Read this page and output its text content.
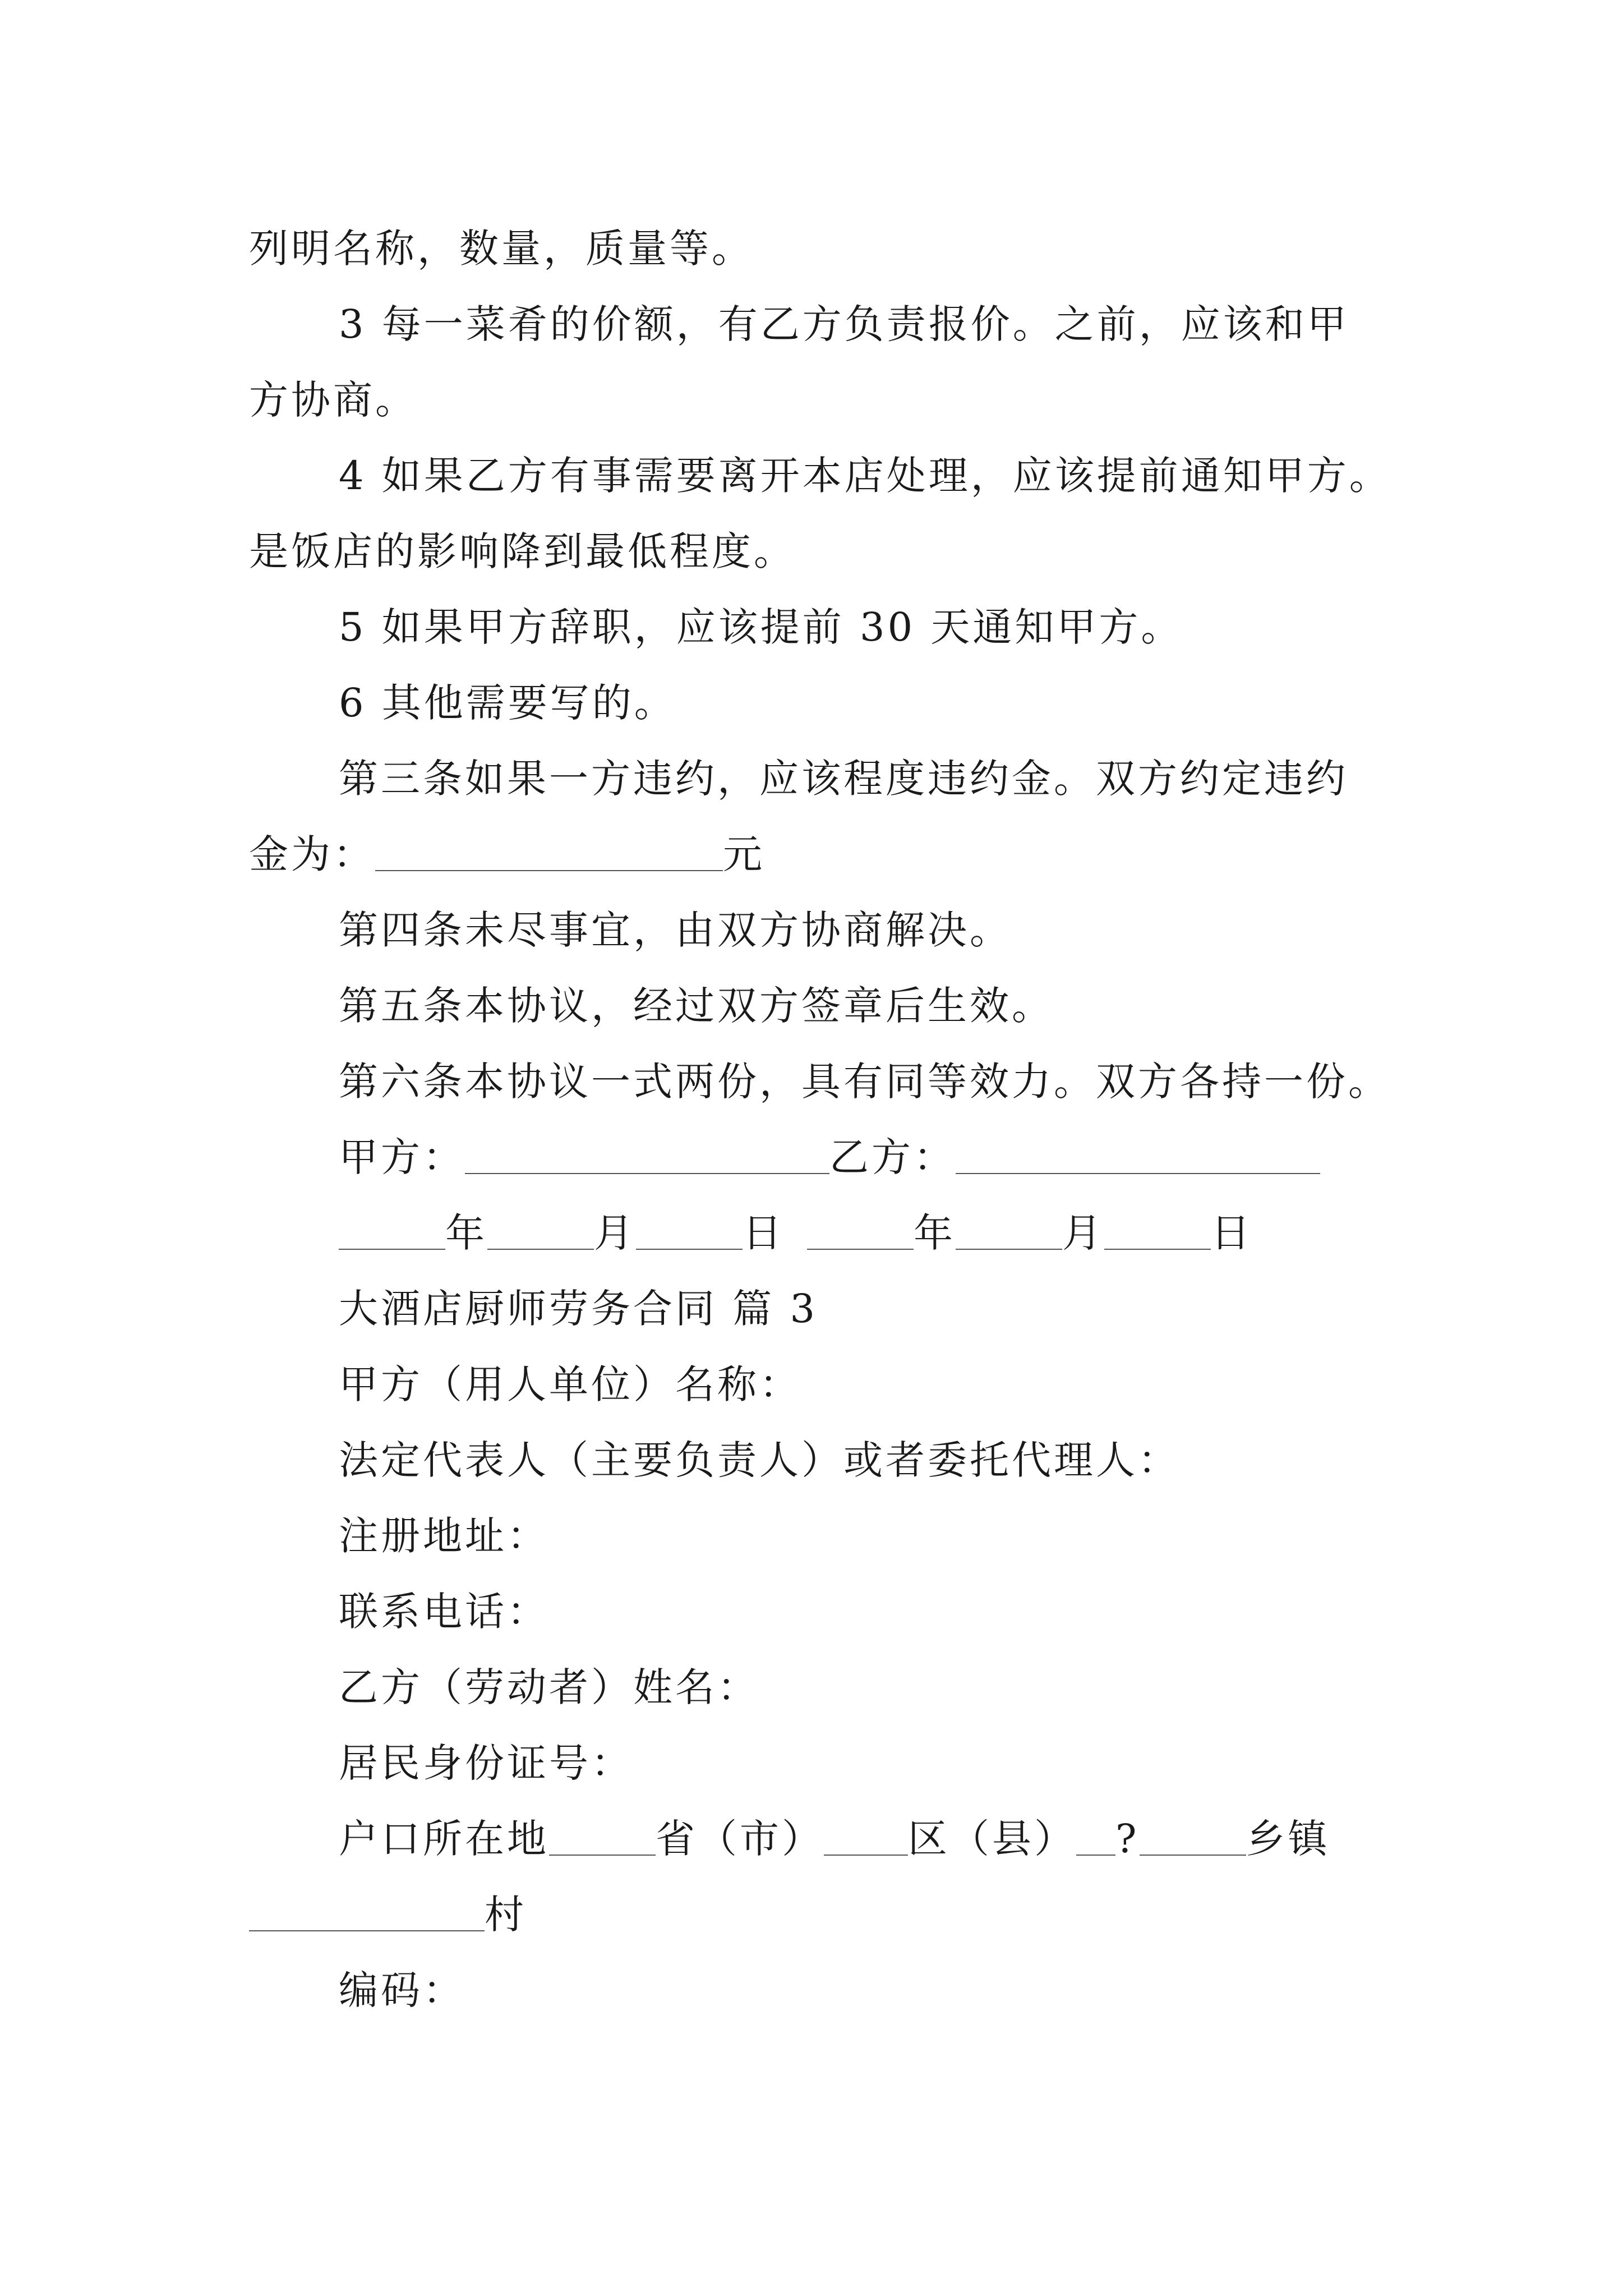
列明名称，数量，质量等。
3 每一菜肴的价额，有乙方负责报价。之前，应该和甲
方协商。
4 如果乙方有事需要离开本店处理，应该提前通知甲方。
是饭店的影响降到最低程度。
5 如果甲方辞职，应该提前 30 天通知甲方。
6 其他需要写的。
第三条如果一方违约，应该程度违约金。双方约定违约
金为：	元
第四条未尽事宜，由双方协商解决。
第五条本协议，经过双方签章后生效。
第六条本协议一式两份，具有同等效力。双方各持一份。
甲方：	乙方：
年	月	日	年	月	日
大酒店厨师劳务合同 篇 3
甲方（用人单位）名称：
法定代表人（主要负责人）或者委托代理人：
注册地址：
联系电话：
乙方（劳动者）姓名：
居民身份证号：
户口所在地	省（市） 区（县） ?	乡镇
村
编码：
